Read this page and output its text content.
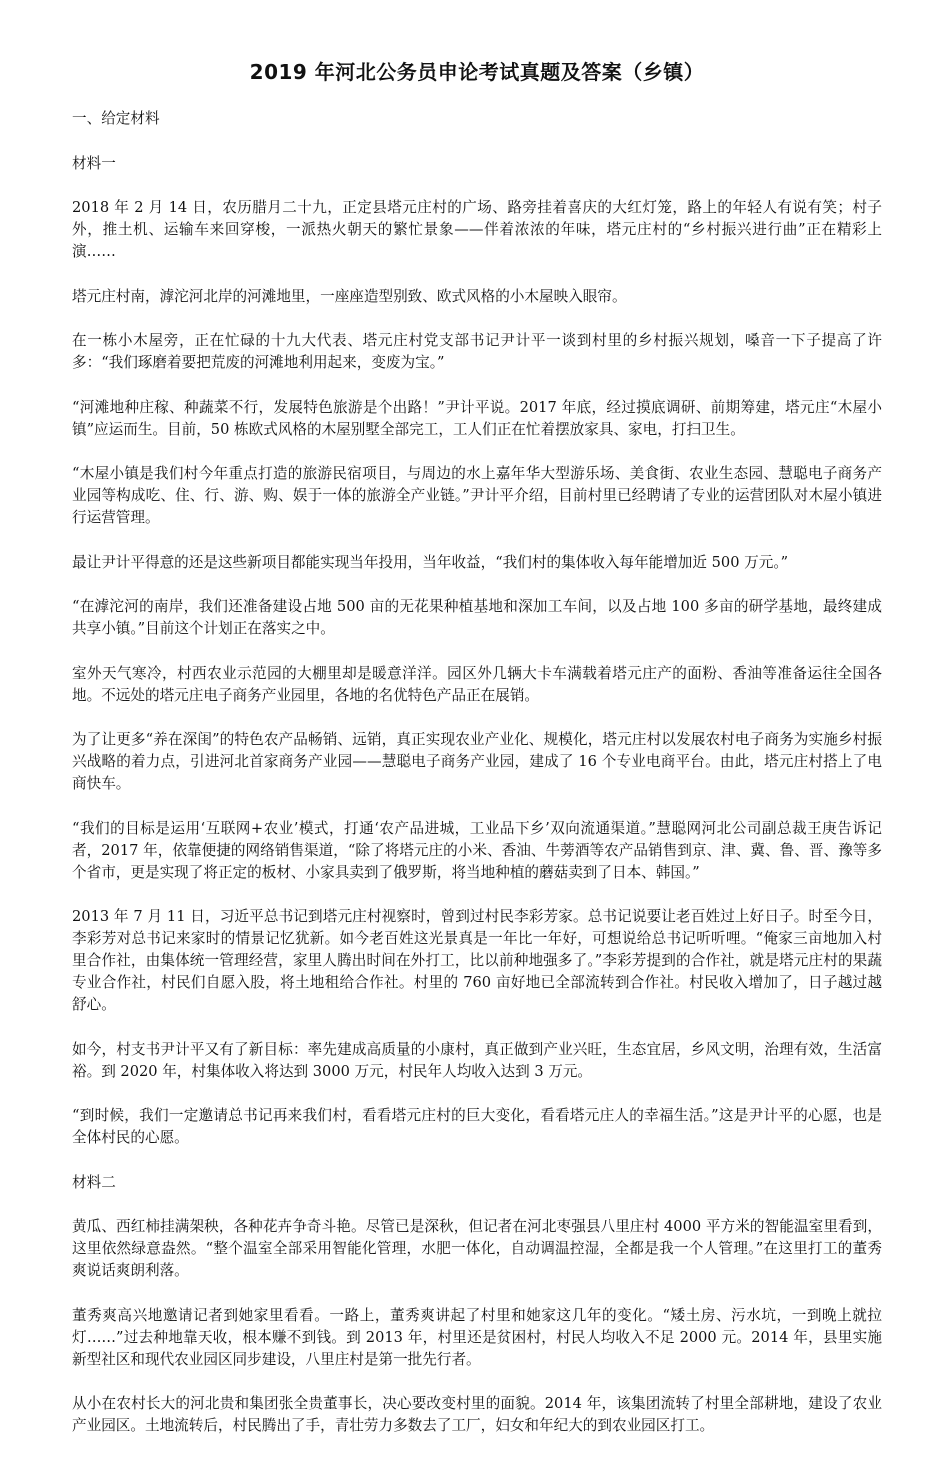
2019 年河北公务员申论考试真题及答案（乡镇）
一、给定材料
材料一

2018 年 2 月 14 日，农历腊月二十九，正定县塔元庄村的广场、路旁挂着喜庆的大红灯笼，路上的年轻人有说有笑；村子外，推土机、运输车来回穿梭，一派热火朝天的繁忙景象——伴着浓浓的年味，塔元庄村的“乡村振兴进行曲”正在精彩上演……

塔元庄村南，滹沱河北岸的河滩地里，一座座造型别致、欧式风格的小木屋映入眼帘。

在一栋小木屋旁，正在忙碌的十九大代表、塔元庄村党支部书记尹计平一谈到村里的乡村振兴规划，嗓音一下子提高了许多：“我们琢磨着要把荒废的河滩地利用起来，变废为宝。”

“河滩地种庄稼、种蔬菜不行，发展特色旅游是个出路！”尹计平说。2017 年底，经过摸底调研、前期筹建，塔元庄“木屋小镇”应运而生。目前，50 栋欧式风格的木屋别墅全部完工，工人们正在忙着摆放家具、家电，打扫卫生。

“木屋小镇是我们村今年重点打造的旅游民宿项目，与周边的水上嘉年华大型游乐场、美食街、农业生态园、慧聪电子商务产业园等构成吃、住、行、游、购、娱于一体的旅游全产业链。”尹计平介绍，目前村里已经聘请了专业的运营团队对木屋小镇进行运营管理。

最让尹计平得意的还是这些新项目都能实现当年投用，当年收益，“我们村的集体收入每年能增加近 500 万元。”

“在滹沱河的南岸，我们还准备建设占地 500 亩的无花果种植基地和深加工车间，以及占地 100 多亩的研学基地，最终建成共享小镇。”目前这个计划正在落实之中。

室外天气寒冷，村西农业示范园的大棚里却是暖意洋洋。园区外几辆大卡车满载着塔元庄产的面粉、香油等准备运往全国各地。不远处的塔元庄电子商务产业园里，各地的名优特色产品正在展销。

为了让更多“养在深闺”的特色农产品畅销、远销，真正实现农业产业化、规模化，塔元庄村以发展农村电子商务为实施乡村振兴战略的着力点，引进河北首家商务产业园——慧聪电子商务产业园，建成了 16 个专业电商平台。由此，塔元庄村搭上了电商快车。

“我们的目标是运用‘互联网+农业’模式，打通‘农产品进城，工业品下乡’双向流通渠道。”慧聪网河北公司副总裁王庚告诉记者，2017 年，依靠便捷的网络销售渠道，“除了将塔元庄的小米、香油、牛蒡酒等农产品销售到京、津、冀、鲁、晋、豫等多个省市，更是实现了将正定的板材、小家具卖到了俄罗斯，将当地种植的蘑菇卖到了日本、韩国。”

2013 年 7 月 11 日，习近平总书记到塔元庄村视察时，曾到过村民李彩芳家。总书记说要让老百姓过上好日子。时至今日，李彩芳对总书记来家时的情景记忆犹新。如今老百姓这光景真是一年比一年好，可想说给总书记听听哩。“俺家三亩地加入村里合作社，由集体统一管理经营，家里人腾出时间在外打工，比以前种地强多了。”李彩芳提到的合作社，就是塔元庄村的果蔬专业合作社，村民们自愿入股，将土地租给合作社。村里的 760 亩好地已全部流转到合作社。村民收入增加了，日子越过越舒心。

如今，村支书尹计平又有了新目标：率先建成高质量的小康村，真正做到产业兴旺，生态宜居，乡风文明，治理有效，生活富裕。到 2020 年，村集体收入将达到 3000 万元，村民年人均收入达到 3 万元。

“到时候，我们一定邀请总书记再来我们村，看看塔元庄村的巨大变化，看看塔元庄人的幸福生活。”这是尹计平的心愿，也是全体村民的心愿。

材料二

黄瓜、西红柿挂满架秧，各种花卉争奇斗艳。尽管已是深秋，但记者在河北枣强县八里庄村 4000 平方米的智能温室里看到，这里依然绿意盎然。“整个温室全部采用智能化管理，水肥一体化，自动调温控湿，全都是我一个人管理。”在这里打工的董秀爽说话爽朗利落。

董秀爽高兴地邀请记者到她家里看看。一路上，董秀爽讲起了村里和她家这几年的变化。“矮土房、污水坑，一到晚上就拉灯……”过去种地靠天收，根本赚不到钱。到 2013 年，村里还是贫困村，村民人均收入不足 2000 元。2014 年，县里实施新型社区和现代农业园区同步建设，八里庄村是第一批先行者。

从小在农村长大的河北贵和集团张全贵董事长，决心要改变村里的面貌。2014 年，该集团流转了村里全部耕地，建设了农业产业园区。土地流转后，村民腾出了手，青壮劳力多数去了工厂，妇女和年纪大的到农业园区打工。
